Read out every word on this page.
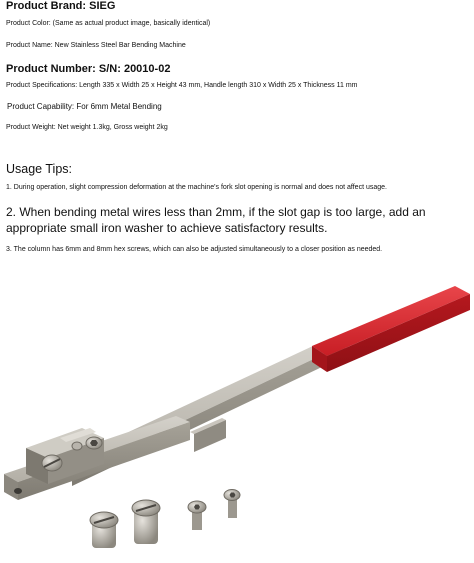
Product Brand: SIEG
Product Color: (Same as actual product image, basically identical)
Product Name: New Stainless Steel Bar Bending Machine
Product Number: S/N: 20010-02
Product Specifications: Length 335 x Width 25 x Height 43 mm, Handle length 310 x Width 25 x Thickness 11 mm
Product Capability: For 6mm Metal Bending
Product Weight: Net weight 1.3kg, Gross weight 2kg
Usage Tips:
1. During operation, slight compression deformation at the machine's fork slot opening is normal and does not affect usage.
2. When bending metal wires less than 2mm, if the slot gap is too large, add an appropriate small iron washer to achieve satisfactory results.
3. The column has 6mm and 8mm hex screws, which can also be adjusted simultaneously to a closer position as needed.
